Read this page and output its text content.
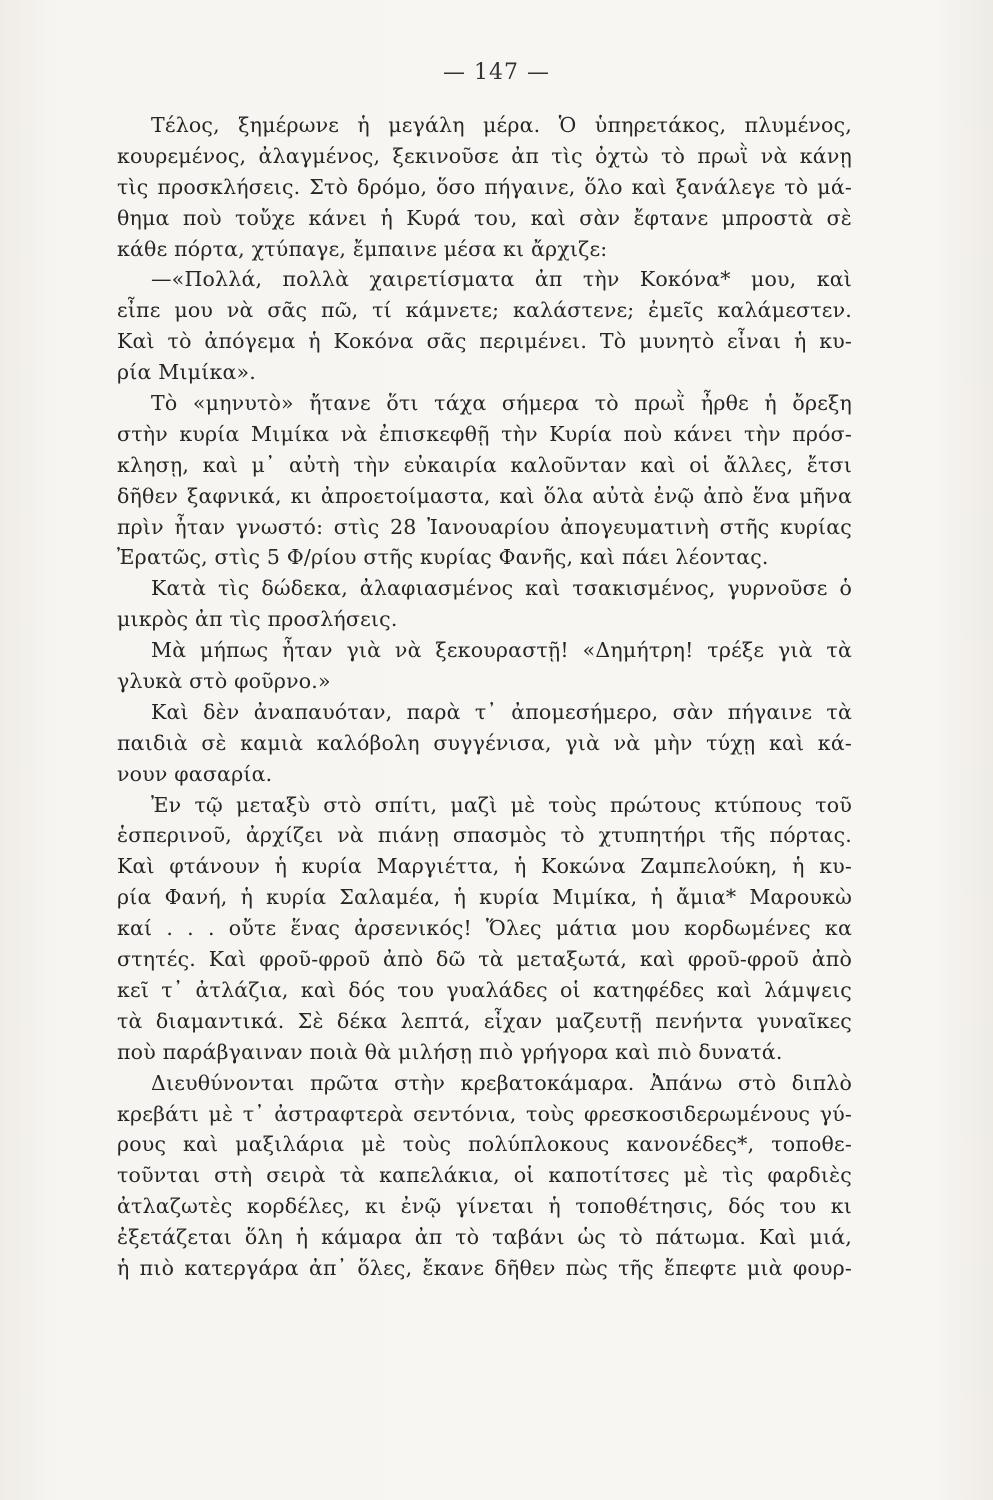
— 147 —
Τέλος, ξημέρωνε ἡ μεγάλη μέρα. Ὁ ὑπηρετάκος, πλυμένος,
κουρεμένος, ἀλαγμένος, ξεκινοῦσε ἀπ τὶς ὀχτὼ τὸ πρωῒ νὰ κάνῃ
τὶς προσκλήσεις. Στὸ δρόμο, ὅσο πήγαινε, ὅλο καὶ ξανάλεγε τὸ μά-
θημα ποὺ τοὔχε κάνει ἡ Κυρά του, καὶ σὰν ἔφτανε μπροστὰ σὲ
κάθε πόρτα, χτύπαγε, ἔμπαινε μέσα κι ἄρχιζε:
—«Πολλά, πολλὰ χαιρετίσματα ἀπ τὴν Κοκόνα* μου, καὶ
εἶπε μου νὰ σᾶς πῶ, τί κάμνετε; καλάστενε; ἐμεῖς καλάμεστεν.
Καὶ τὸ ἀπόγεμα ἡ Κοκόνα σᾶς περιμένει. Τὸ μυνητὸ εἶναι ἡ κυ-
ρία Μιμίκα».
Τὸ «μηνυτὸ» ἤτανε ὅτι τάχα σήμερα τὸ πρωῒ ἦρθε ἡ ὄρεξη
στὴν κυρία Μιμίκα νὰ ἐπισκεφθῇ τὴν Κυρία ποὺ κάνει τὴν πρόσ-
κλησῃ, καὶ μ᾿ αὐτὴ τὴν εὐκαιρία καλοῦνταν καὶ οἱ ἄλλες, ἔτσι
δῆθεν ξαφνικά, κι ἀπροετοίμαστα, καὶ ὅλα αὐτὰ ἐνῷ ἀπὸ ἕνα μῆνα
πρὶν ἦταν γνωστό: στὶς 28 Ἰανουαρίου ἀπογευματινὴ στῆς κυρίας
Ἐρατῶς, στὶς 5 Φ/ρίου στῆς κυρίας Φανῆς, καὶ πάει λέοντας.
Κατὰ τὶς δώδεκα, ἀλαφιασμένος καὶ τσακισμένος, γυρνοῦσε ὁ
μικρὸς ἀπ τὶς προσλήσεις.
Μὰ μήπως ἦταν γιὰ νὰ ξεκουραστῇ! «Δημήτρη! τρέξε γιὰ τὰ
γλυκὰ στὸ φοῦρνο.»
Καὶ δὲν ἀναπαυόταν, παρὰ τ᾿ ἀπομεσήμερο, σὰν πήγαινε τὰ
παιδιὰ σὲ καμιὰ καλόβολη συγγένισα, γιὰ νὰ μὴν τύχῃ καὶ κά-
νουν φασαρία.
Ἐν τῷ μεταξὺ στὸ σπίτι, μαζὶ μὲ τοὺς πρώτους κτύπους τοῦ
ἑσπερινοῦ, ἀρχίζει νὰ πιάνῃ σπασμὸς τὸ χτυπητήρι τῆς πόρτας.
Καὶ φτάνουν ἡ κυρία Μαργιέττα, ἡ Κοκώνα Ζαμπελούκη, ἡ κυ-
ρία Φανή, ἡ κυρία Σαλαμέα, ἡ κυρία Μιμίκα, ἡ ἄμια* Μαρουκὼ
καί . . . οὔτε ἕνας ἀρσενικός! Ὅλες μάτια μου κορδωμένες κα
στητές. Καὶ φροῦ-φροῦ ἀπὸ δῶ τὰ μεταξωτά, καὶ φροῦ-φροῦ ἀπὸ
κεῖ τ᾿ ἀτλάζια, καὶ δός του γυαλάδες οἱ κατηφέδες καὶ λάμψεις
τὰ διαμαντικά. Σὲ δέκα λεπτά, εἶχαν μαζευτῇ πενήντα γυναῖκες
ποὺ παράβγαιναν ποιὰ θὰ μιλήσῃ πιὸ γρήγορα καὶ πιὸ δυνατά.
Διευθύνονται πρῶτα στὴν κρεβατοκάμαρα. Ἀπάνω στὸ διπλὸ
κρεβάτι μὲ τ᾿ ἀστραφτερὰ σεντόνια, τοὺς φρεσκοσιδερωμένους γύ-
ρους καὶ μαξιλάρια μὲ τοὺς πολύπλοκους κανονέδες*, τοποθε-
τοῦνται στὴ σειρὰ τὰ καπελάκια, οἱ καποτίτσες μὲ τὶς φαρδιὲς
ἀτλαζωτὲς κορδέλες, κι ἐνῷ γίνεται ἡ τοποθέτησις, δός του κι
ἐξετάζεται ὅλη ἡ κάμαρα ἀπ τὸ ταβάνι ὡς τὸ πάτωμα. Καὶ μιά,
ἡ πιὸ κατεργάρα ἀπ᾿ ὅλες, ἔκανε δῆθεν πὼς τῆς ἔπεφτε μιὰ φουρ-
